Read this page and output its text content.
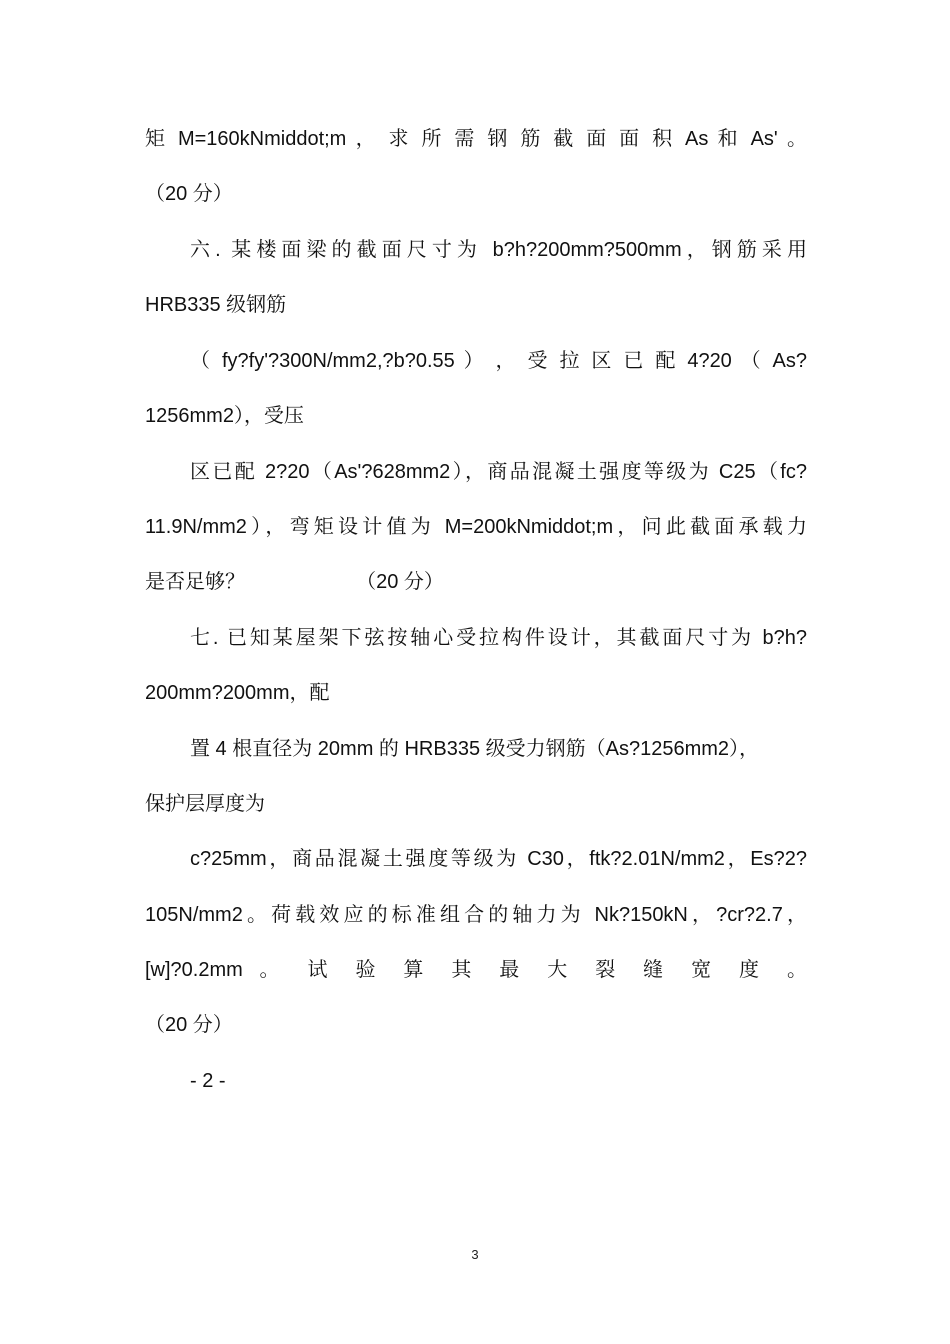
矩 M=160kNmiddot;m ， 求 所 需 钢 筋 截 面 面 积 As 和 As' 。
（20 分）
六. 某楼面梁的截面尺寸为 b?h?200mm?500mm，钢筋采用
HRB335 级钢筋
（ fy?fy'?300N/mm2,?b?0.55 ） ， 受 拉 区 已 配 4?20 （ As?
1256mm2），受压
区已配 2?20（As'?628mm2），商品混凝土强度等级为 C25（fc?
11.9N/mm2），弯矩设计值为 M=200kNmiddot;m，问此截面承载力
是否足够？                    （20 分）
七. 已知某屋架下弦按轴心受拉构件设计，其截面尺寸为 b?h?
200mm?200mm，配
置 4 根直径为 20mm 的 HRB335 级受力钢筋（As?1256mm2），
保护层厚度为
c?25mm，商品混凝土强度等级为 C30，ftk?2.01N/mm2，Es?2?
105N/mm2。荷载效应的标准组合的轴力为 Nk?150kN，?cr?2.7，
[w]?0.2mm 。 试 验 算 其 最 大 裂 缝 宽 度 。
（20 分）
- 2 -
3
